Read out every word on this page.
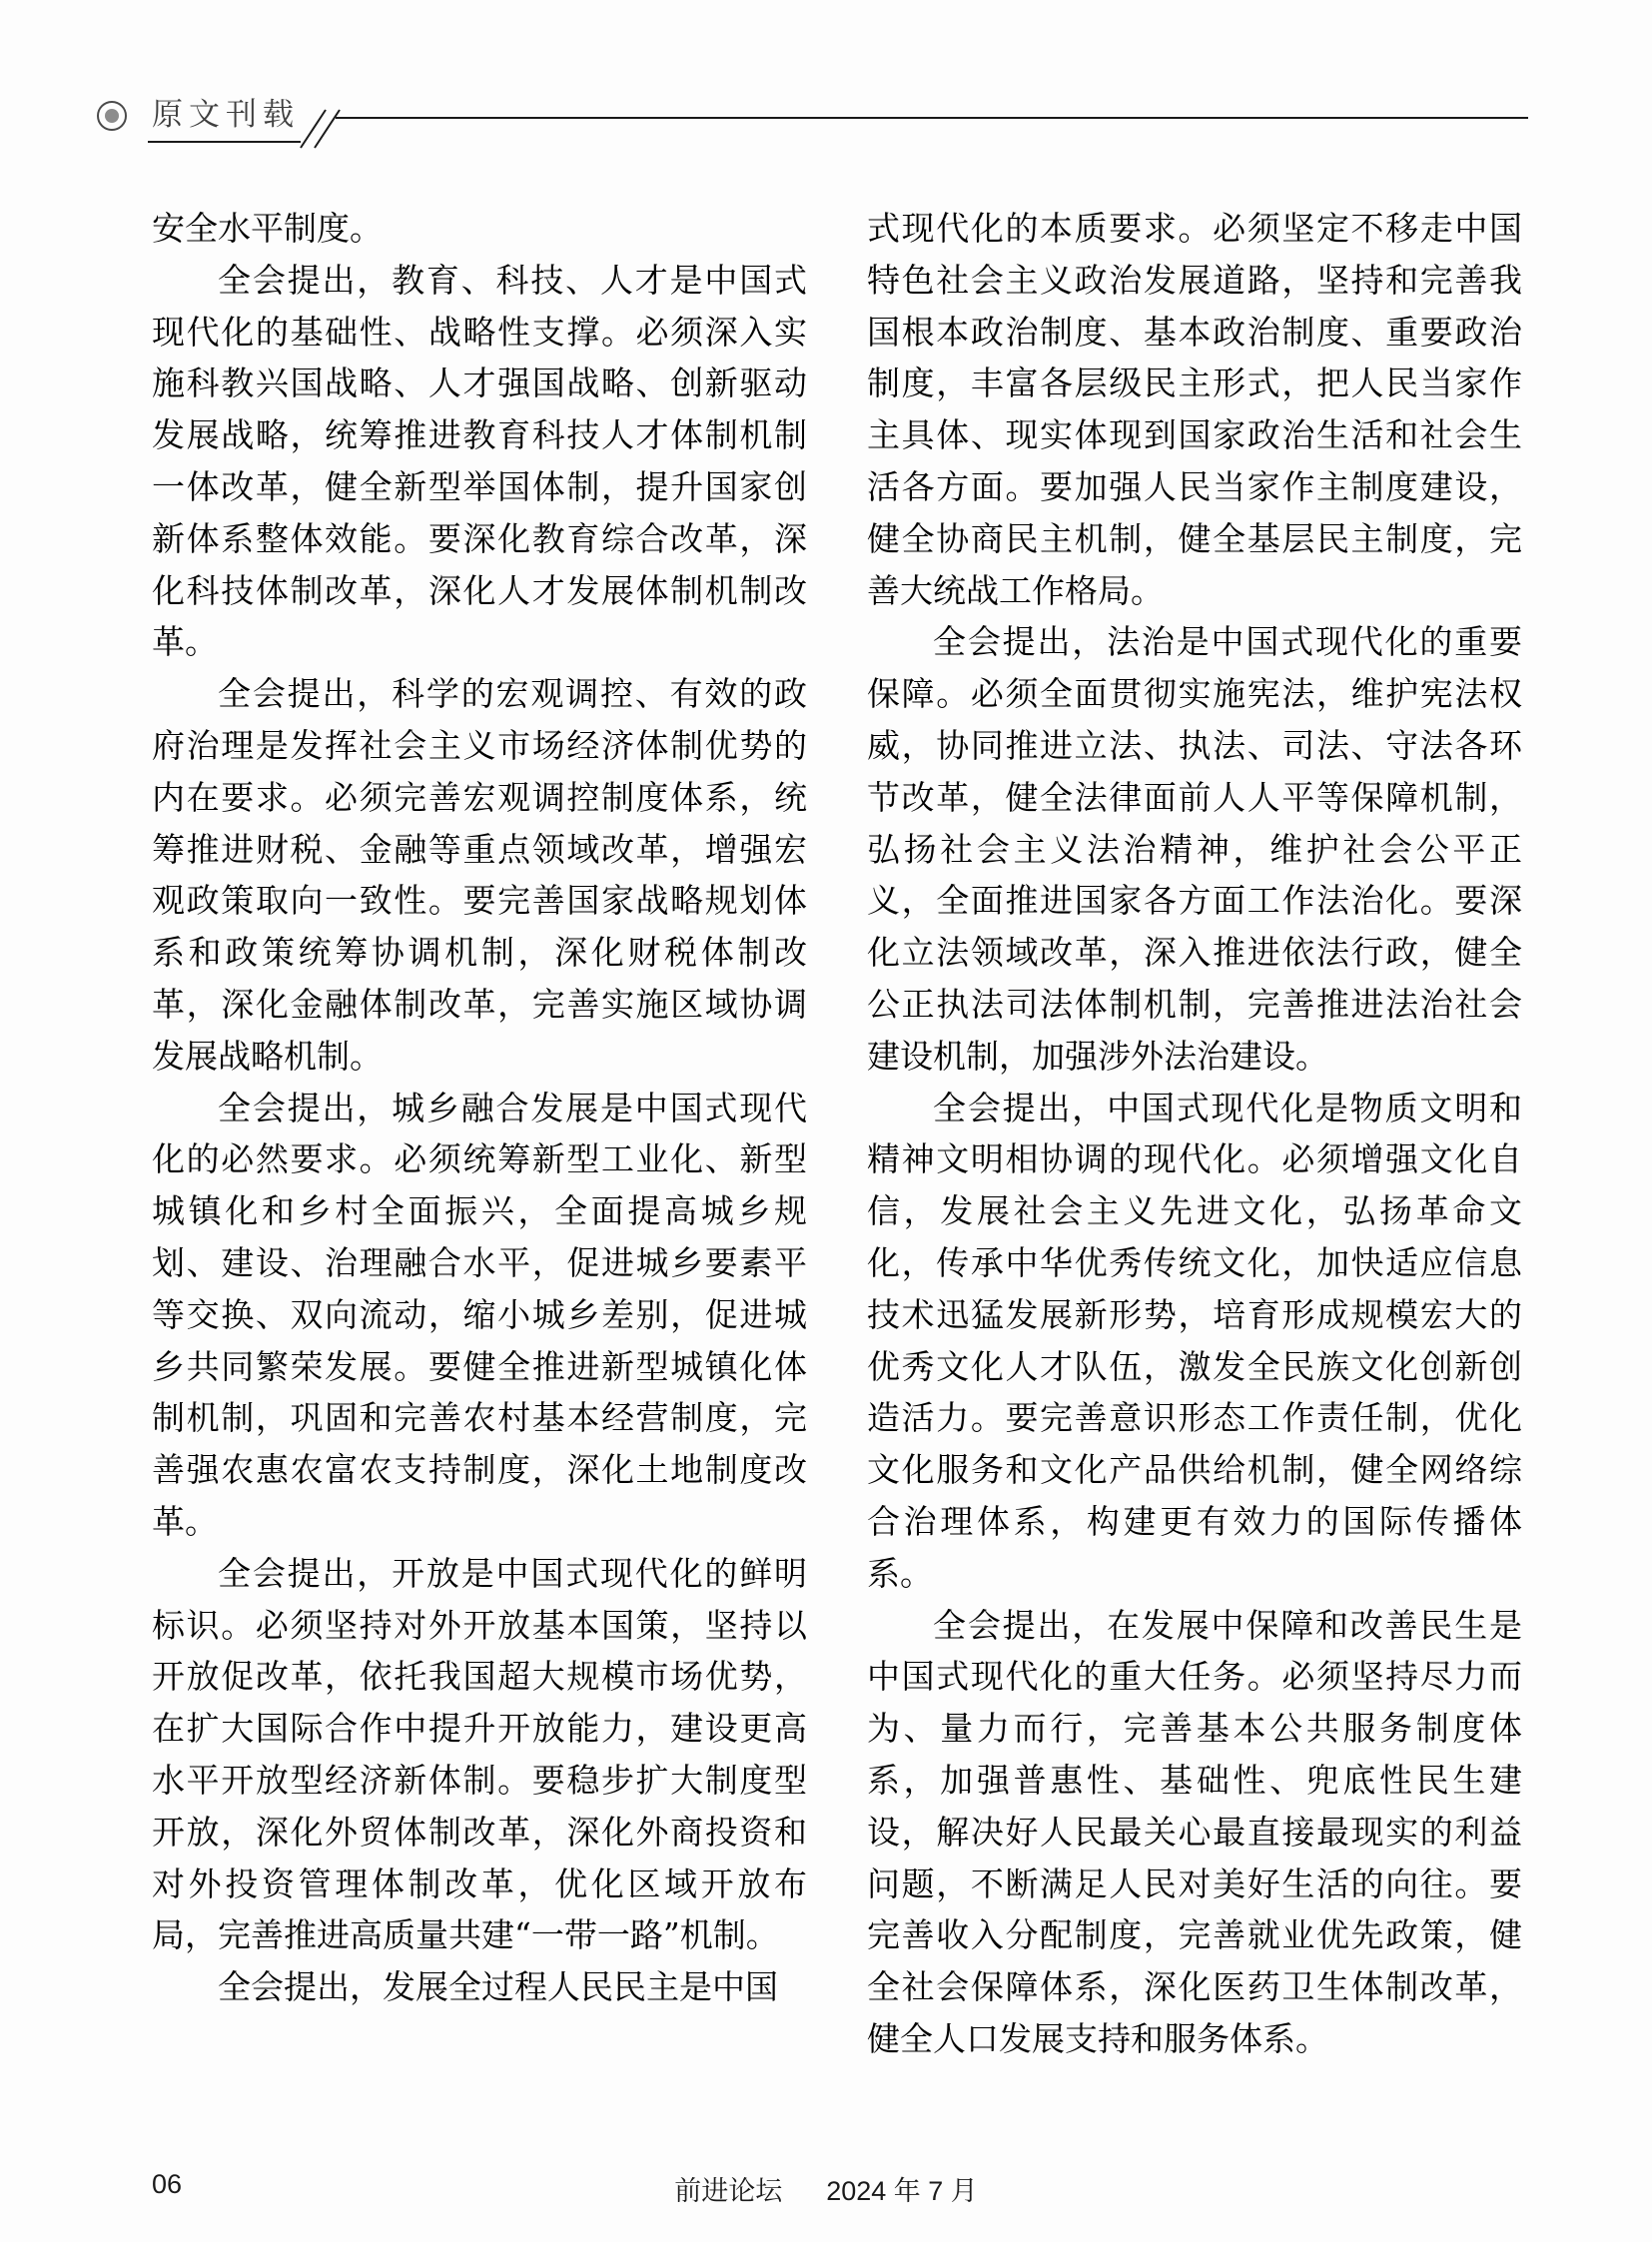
原文刊载

安全水平制度。

全会提出，教育、科技、人才是中国式现代化的基础性、战略性支撑。必须深入实施科教兴国战略、人才强国战略、创新驱动发展战略，统筹推进教育科技人才体制机制一体改革，健全新型举国体制，提升国家创新体系整体效能。要深化教育综合改革，深化科技体制改革，深化人才发展体制机制改革。

全会提出，科学的宏观调控、有效的政府治理是发挥社会主义市场经济体制优势的内在要求。必须完善宏观调控制度体系，统筹推进财税、金融等重点领域改革，增强宏观政策取向一致性。要完善国家战略规划体系和政策统筹协调机制，深化财税体制改革，深化金融体制改革，完善实施区域协调发展战略机制。

全会提出，城乡融合发展是中国式现代化的必然要求。必须统筹新型工业化、新型城镇化和乡村全面振兴，全面提高城乡规划、建设、治理融合水平，促进城乡要素平等交换、双向流动，缩小城乡差别，促进城乡共同繁荣发展。要健全推进新型城镇化体制机制，巩固和完善农村基本经营制度，完善强农惠农富农支持制度，深化土地制度改革。

全会提出，开放是中国式现代化的鲜明标识。必须坚持对外开放基本国策，坚持以开放促改革，依托我国超大规模市场优势，在扩大国际合作中提升开放能力，建设更高水平开放型经济新体制。要稳步扩大制度型开放，深化外贸体制改革，深化外商投资和对外投资管理体制改革，优化区域开放布局，完善推进高质量共建“一带一路”机制。

全会提出，发展全过程人民民主是中国

式现代化的本质要求。必须坚定不移走中国特色社会主义政治发展道路，坚持和完善我国根本政治制度、基本政治制度、重要政治制度，丰富各层级民主形式，把人民当家作主具体、现实体现到国家政治生活和社会生活各方面。要加强人民当家作主制度建设，健全协商民主机制，健全基层民主制度，完善大统战工作格局。

全会提出，法治是中国式现代化的重要保障。必须全面贯彻实施宪法，维护宪法权威，协同推进立法、执法、司法、守法各环节改革，健全法律面前人人平等保障机制，弘扬社会主义法治精神，维护社会公平正义，全面推进国家各方面工作法治化。要深化立法领域改革，深入推进依法行政，健全公正执法司法体制机制，完善推进法治社会建设机制，加强涉外法治建设。

全会提出，中国式现代化是物质文明和精神文明相协调的现代化。必须增强文化自信，发展社会主义先进文化，弘扬革命文化，传承中华优秀传统文化，加快适应信息技术迅猛发展新形势，培育形成规模宏大的优秀文化人才队伍，激发全民族文化创新创造活力。要完善意识形态工作责任制，优化文化服务和文化产品供给机制，健全网络综合治理体系，构建更有效力的国际传播体系。

全会提出，在发展中保障和改善民生是中国式现代化的重大任务。必须坚持尽力而为、量力而行，完善基本公共服务制度体系，加强普惠性、基础性、兜底性民生建设，解决好人民最关心最直接最现实的利益问题，不断满足人民对美好生活的向往。要完善收入分配制度，完善就业优先政策，健全社会保障体系，深化医药卫生体制改革，健全人口发展支持和服务体系。

06	前进论坛 2024 年 7 月
